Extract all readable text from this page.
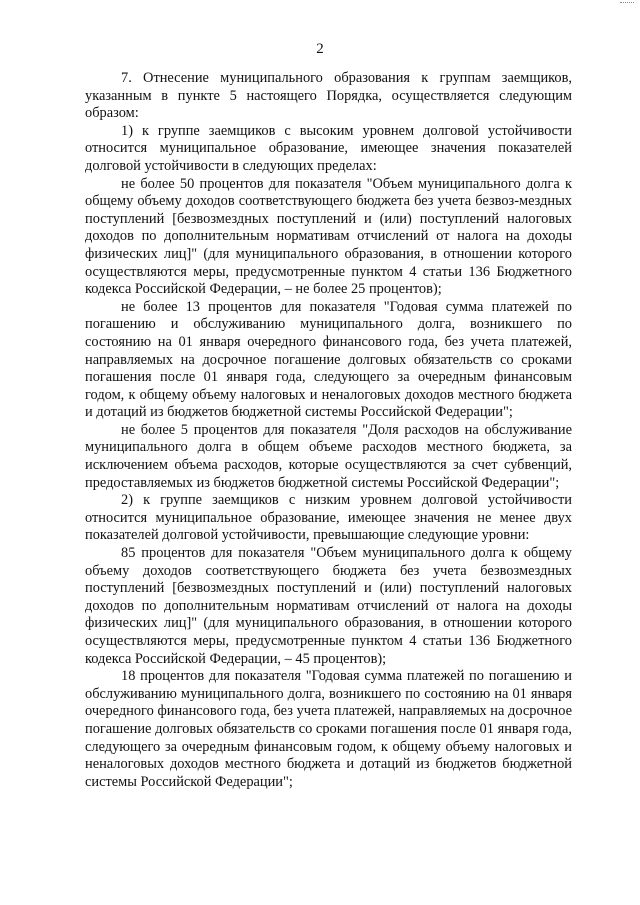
2

7. Отнесение муниципального образования к группам заемщиков, указанным в пункте 5 настоящего Порядка, осуществляется следующим образом:

1) к группе заемщиков с высоким уровнем долговой устойчивости относится муниципальное образование, имеющее значения показателей долговой устойчивости в следующих пределах:

не более 50 процентов для показателя "Объем муниципального долга к общему объему доходов соответствующего бюджета без учета безвоз-мездных поступлений [безвозмездных поступлений и (или) поступлений налоговых доходов по дополнительным нормативам отчислений от налога на доходы физических лиц]" (для муниципального образования, в отношении которого осуществляются меры, предусмотренные пунктом 4 статьи 136 Бюджетного кодекса Российской Федерации, – не более 25 процентов);

не более 13 процентов для показателя "Годовая сумма платежей по погашению и обслуживанию муниципального долга, возникшего по состоянию на 01 января очередного финансового года, без учета платежей, направляемых на досрочное погашение долговых обязательств со сроками погашения после 01 января года, следующего за очередным финансовым годом, к общему объему налоговых и неналоговых доходов местного бюджета и дотаций из бюджетов бюджетной системы Российской Федерации";

не более 5 процентов для показателя "Доля расходов на обслуживание муниципального долга в общем объеме расходов местного бюджета, за исключением объема расходов, которые осуществляются за счет субвенций, предоставляемых из бюджетов бюджетной системы Российской Федерации";

2) к группе заемщиков с низким уровнем долговой устойчивости относится муниципальное образование, имеющее значения не менее двух показателей долговой устойчивости, превышающие следующие уровни:

85 процентов для показателя "Объем муниципального долга к общему объему доходов соответствующего бюджета без учета безвозмездных поступлений [безвозмездных поступлений и (или) поступлений налоговых доходов по дополнительным нормативам отчислений от налога на доходы физических лиц]" (для муниципального образования, в отношении которого осуществляются меры, предусмотренные пунктом 4 статьи 136 Бюджетного кодекса Российской Федерации, – 45 процентов);

18 процентов для показателя "Годовая сумма платежей по погашению и обслуживанию муниципального долга, возникшего по состоянию на 01 января очередного финансового года, без учета платежей, направляемых на досрочное погашение долговых обязательств со сроками погашения после 01 января года, следующего за очередным финансовым годом, к общему объему налоговых и неналоговых доходов местного бюджета и дотаций из бюджетов бюджетной системы Российской Федерации";
